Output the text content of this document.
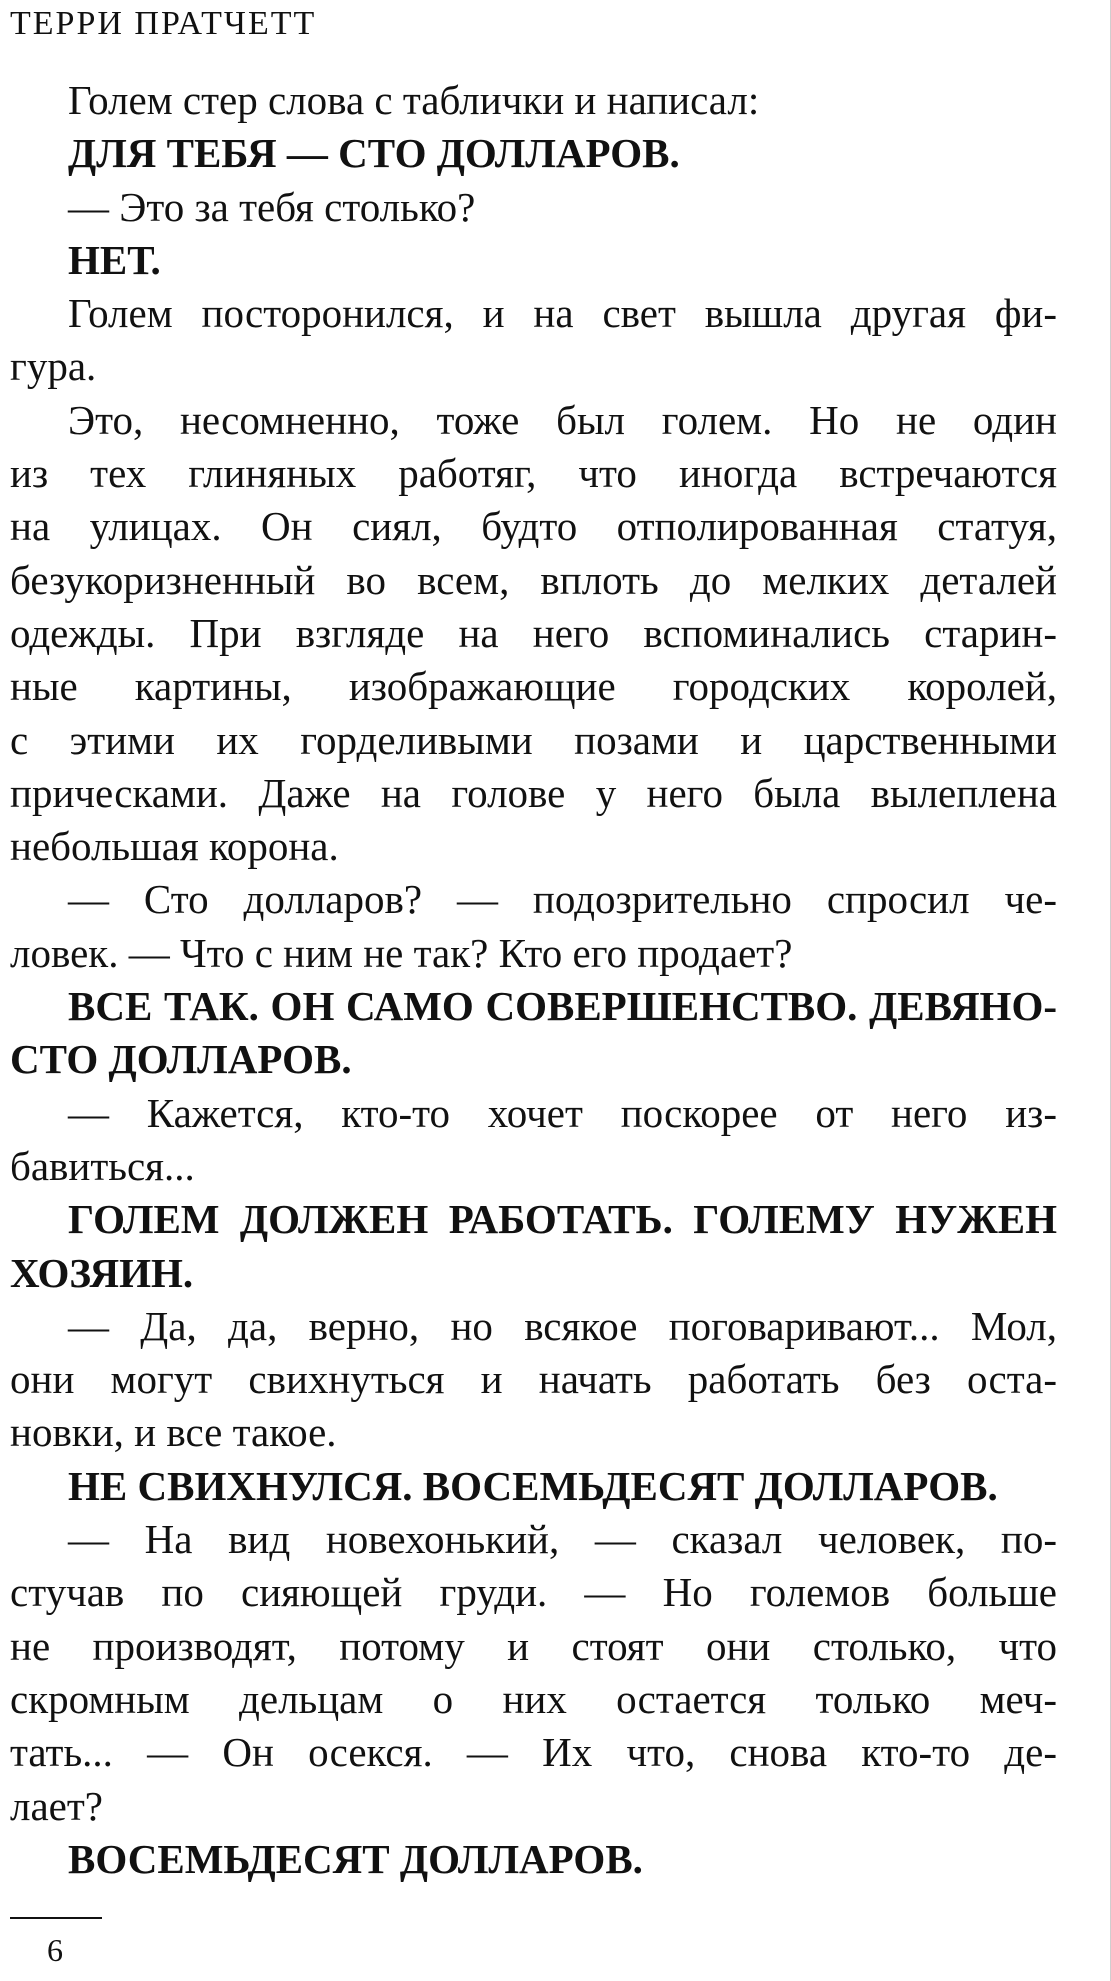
ТЕРРИ ПРАТЧЕТТ
Голем стер слова с таблички и написал:
ДЛЯ ТЕБЯ — СТО ДОЛЛАРОВ.
— Это за тебя столько?
НЕТ.
Голем посторонился, и на свет вышла другая фи-
гура.
Это, несомненно, тоже был голем. Но не один
из тех глиняных работяг, что иногда встречаются
на улицах. Он сиял, будто отполированная статуя,
безукоризненный во всем, вплоть до мелких деталей
одежды. При взгляде на него вспоминались старин-
ные картины, изображающие городских королей,
с этими их горделивыми позами и царственными
прическами. Даже на голове у него была вылеплена
небольшая корона.
— Сто долларов? — подозрительно спросил че-
ловек. — Что с ним не так? Кто его продает?
ВСЕ ТАК. ОН САМО СОВЕРШЕНСТВО. ДЕВЯНО-
СТО ДОЛЛАРОВ.
— Кажется, кто-то хочет поскорее от него из-
бавиться...
ГОЛЕМ ДОЛЖЕН РАБОТАТЬ. ГОЛЕМУ НУЖЕН
ХОЗЯИН.
— Да, да, верно, но всякое поговаривают... Мол,
они могут свихнуться и начать работать без оста-
новки, и все такое.
НЕ СВИХНУЛСЯ. ВОСЕМЬДЕСЯТ ДОЛЛАРОВ.
— На вид новехонький, — сказал человек, по-
стучав по сияющей груди. — Но големов больше
не производят, потому и стоят они столько, что
скромным дельцам о них остается только меч-
тать... — Он осекся. — Их что, снова кто-то де-
лает?
ВОСЕМЬДЕСЯТ ДОЛЛАРОВ.
6
